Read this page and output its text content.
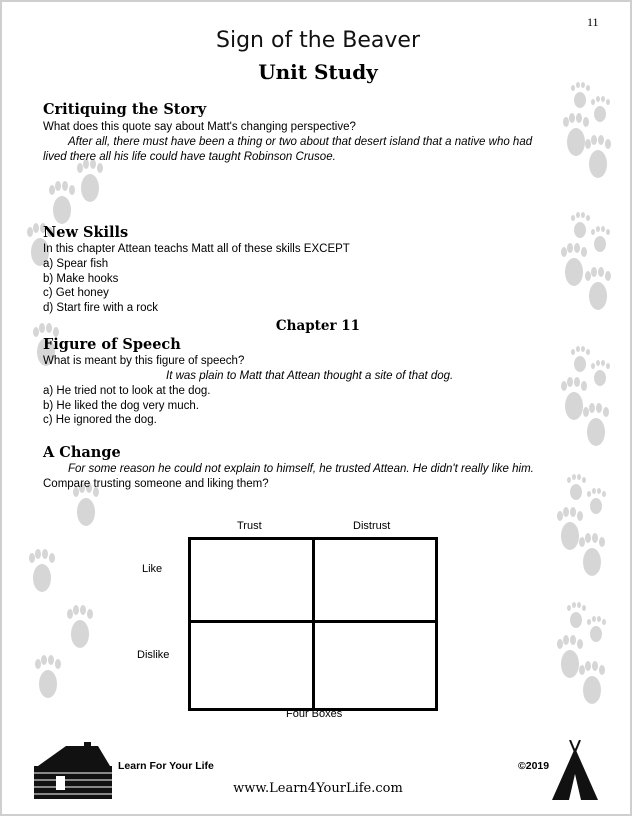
11
Sign of the Beaver
Unit Study
Critiquing the Story
What does this quote say about Matt's changing perspective?
After all, there must have been a thing or two about that desert island that a native who had
lived there all his life could have taught Robinson Crusoe.
New Skills
In this chapter Attean teachs Matt all of these skills EXCEPT
a) Spear fish
b) Make hooks
c) Get honey
d) Start fire with a rock
Chapter 11
Figure of Speech
What is meant by this figure of speech?
It was plain to Matt that Attean thought a site of that dog.
a) He tried not to look at the dog.
b) He liked the dog very much.
c) He ignored the dog.
A Change
For some reason he could not explain to himself, he trusted Attean. He didn't really like him.
Compare trusting someone and liking them?
Trust	Distrust
Like
Dislike
Four Boxes
Learn For Your Life	©2019
www.Learn4YourLife.com
